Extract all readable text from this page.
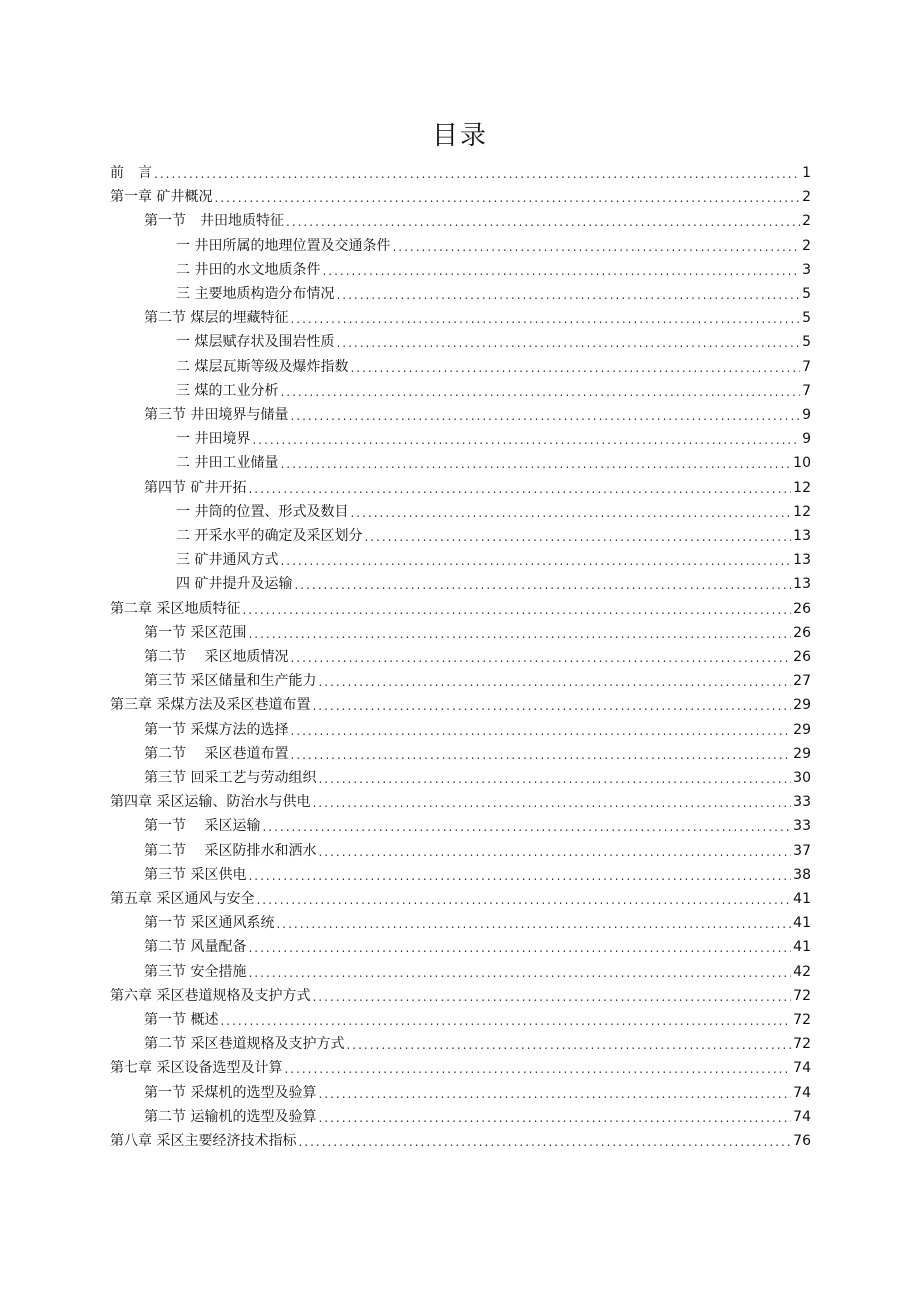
目录
前　言 .....	1
第一章 矿井概况 .....	2
第一节　井田地质特征 .....	2
一 井田所属的地理位置及交通条件 .....	2
二 井田的水文地质条件 .....	3
三 主要地质构造分布情况 .....	5
第二节 煤层的埋藏特征 .....	5
一 煤层赋存状及围岩性质 .....	5
二 煤层瓦斯等级及爆炸指数 .....	7
三 煤的工业分析 .....	7
第三节 井田境界与储量 .....	9
一 井田境界 .....	9
二 井田工业储量 .....	10
第四节 矿井开拓 .....	12
一 井筒的位置、形式及数目 .....	12
二 开采水平的确定及采区划分 .....	13
三 矿井通风方式 .....	13
四 矿井提升及运输 .....	13
第二章 采区地质特征 .....	26
第一节 采区范围 .....	26
第二节　 采区地质情况 .....	26
第三节 采区储量和生产能力 .....	27
第三章 采煤方法及采区巷道布置 .....	29
第一节 采煤方法的选择 .....	29
第二节　 采区巷道布置 .....	29
第三节 回采工艺与劳动组织 .....	30
第四章 采区运输、防治水与供电 .....	33
第一节　 采区运输 .....	33
第二节　 采区防排水和洒水 .....	37
第三节 采区供电 .....	38
第五章 采区通风与安全 .....	41
第一节 采区通风系统 .....	41
第二节 风量配备 .....	41
第三节 安全措施 .....	42
第六章 采区巷道规格及支护方式 .....	72
第一节 概述 .....	72
第二节 采区巷道规格及支护方式 .....	72
第七章 采区设备选型及计算 .....	74
第一节 采煤机的选型及验算 .....	74
第二节 运输机的选型及验算 .....	74
第八章 采区主要经济技术指标 .....	76
